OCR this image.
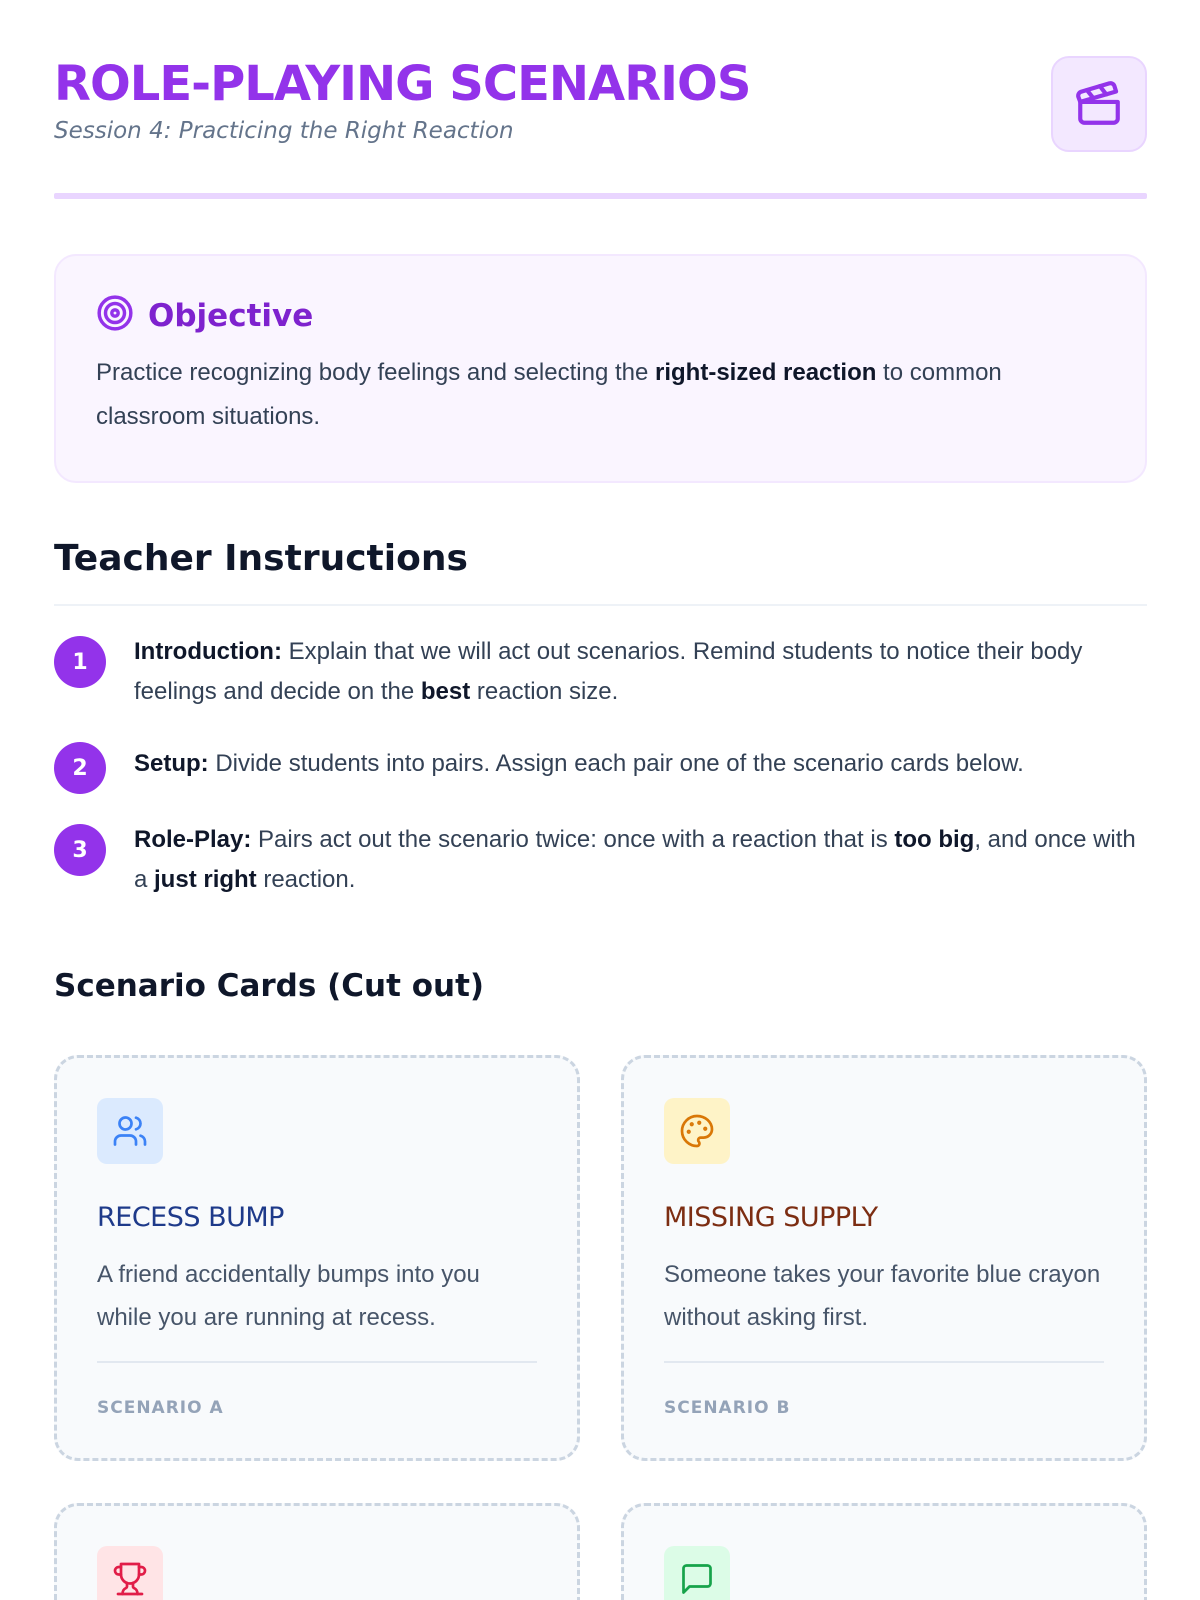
ROLE-PLAYING SCENARIOS
Session 4: Practicing the Right Reaction
Objective

Practice recognizing body feelings and selecting the right-sized reaction to common classroom situations.

Teacher Instructions
1	Introduction: Explain that we will act out scenarios. Remind students to notice their body feelings and decide on the best reaction size.

2	Setup: Divide students into pairs. Assign each pair one of the scenario cards below.

3	Role-Play: Pairs act out the scenario twice: once with a reaction that is too big, and once with a just right reaction.

Scenario Cards (Cut out)
RECESS BUMP

A friend accidentally bumps into you while you are running at recess.

SCENARIO A
MISSING SUPPLY

Someone takes your favorite blue crayon without asking first.

SCENARIO B
